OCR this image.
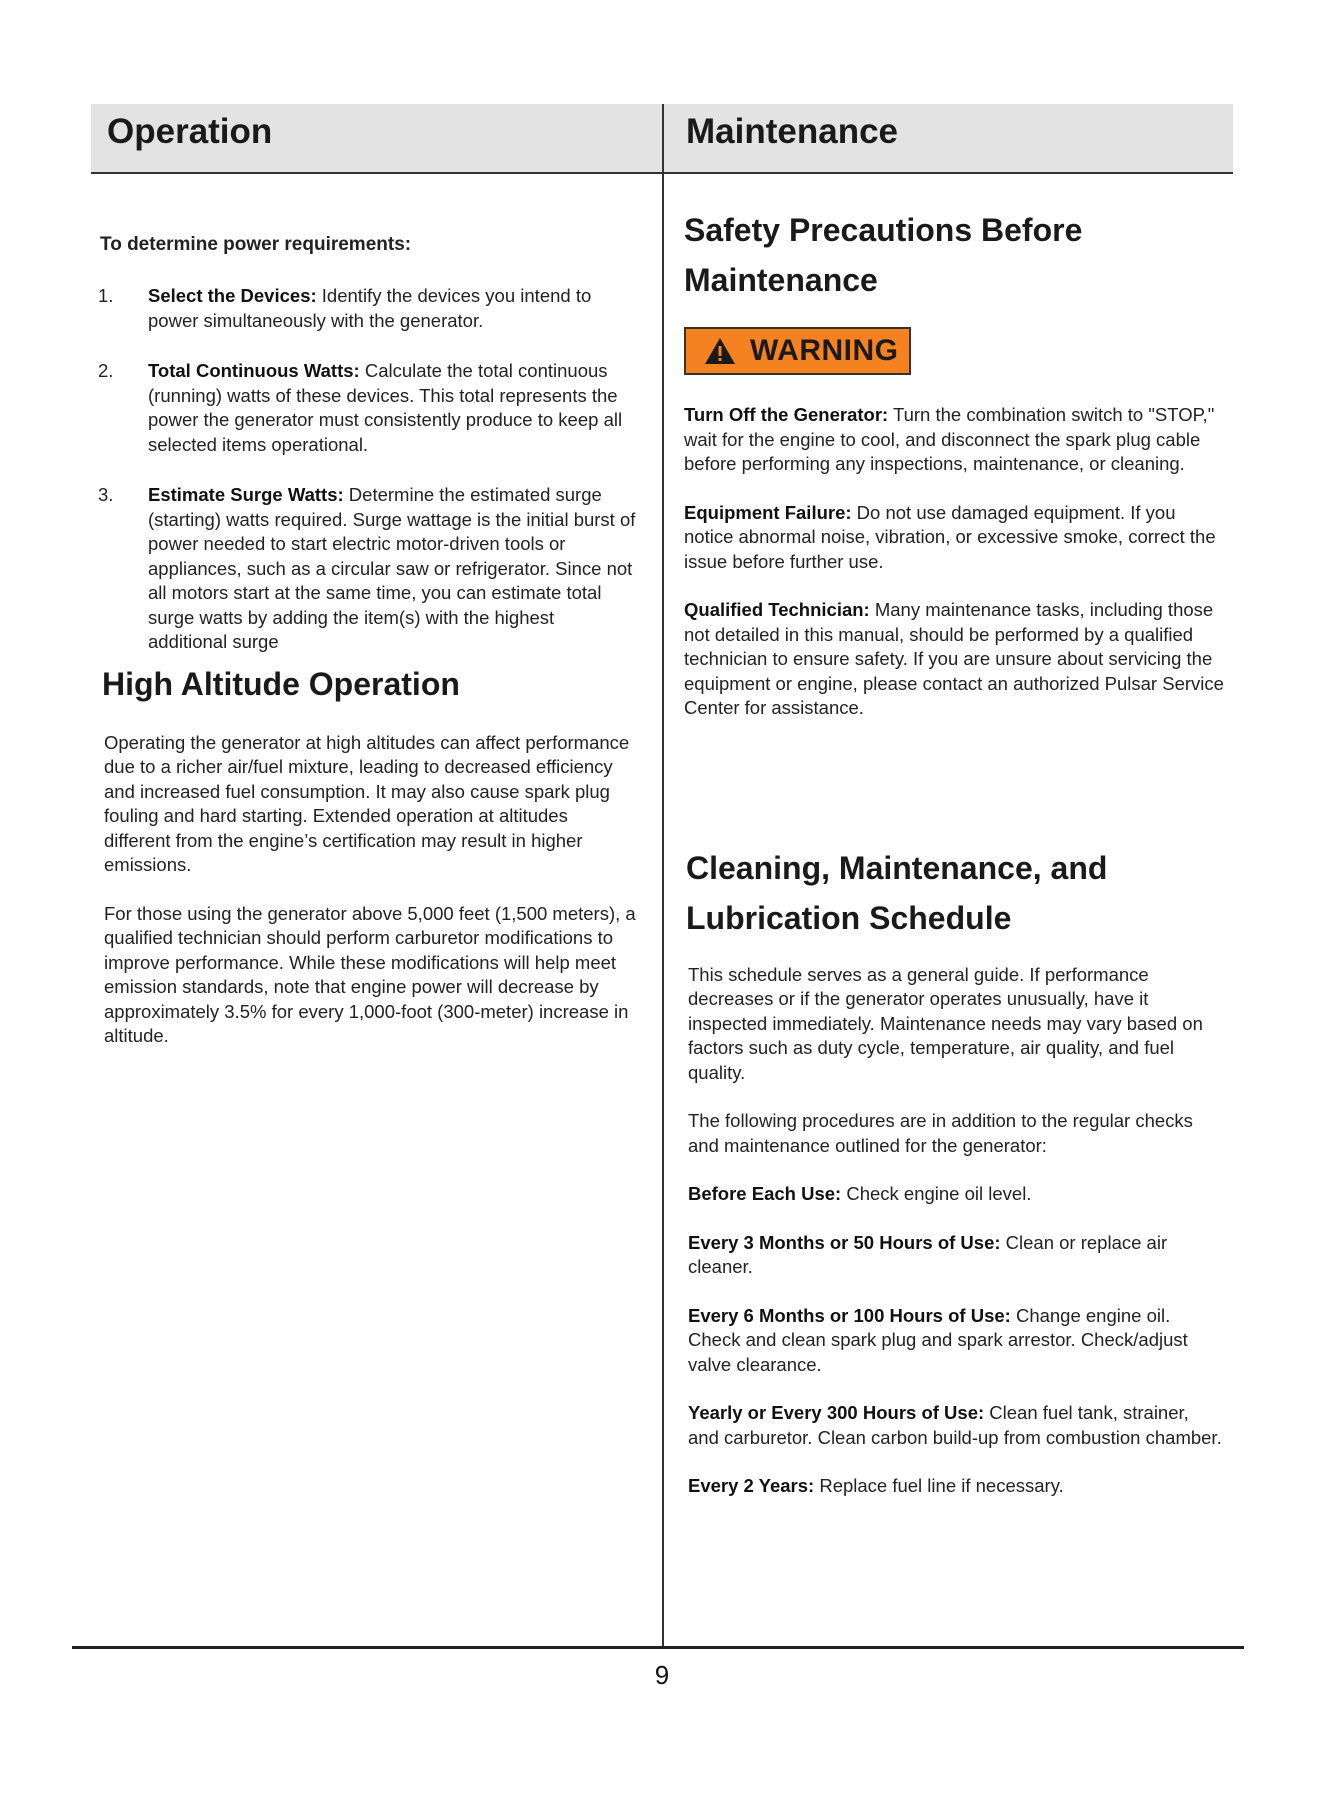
Operation	Maintenance
To determine power requirements:
1. Select the Devices: Identify the devices you intend to power simultaneously with the generator.
2. Total Continuous Watts: Calculate the total continuous (running) watts of these devices. This total represents the power the generator must consistently produce to keep all selected items operational.
3. Estimate Surge Watts: Determine the estimated surge (starting) watts required. Surge wattage is the initial burst of power needed to start electric motor-driven tools or appliances, such as a circular saw or refrigerator. Since not all motors start at the same time, you can estimate total surge watts by adding the item(s) with the highest additional surge
High Altitude Operation

Operating the generator at high altitudes can affect performance due to a richer air/fuel mixture, leading to decreased efficiency and increased fuel consumption. It may also cause spark plug fouling and hard starting. Extended operation at altitudes different from the engine’s certification may result in higher emissions.

For those using the generator above 5,000 feet (1,500 meters), a qualified technician should perform carburetor modifications to improve performance. While these modifications will help meet emission standards, note that engine power will decrease by approximately 3.5% for every 1,000-foot (300-meter) increase in altitude.

Safety Precautions Before
Maintenance
WARNING

Turn Off the Generator: Turn the combination switch to "STOP," wait for the engine to cool, and disconnect the spark plug cable before performing any inspections, maintenance, or cleaning.

Equipment Failure: Do not use damaged equipment. If you notice abnormal noise, vibration, or excessive smoke, correct the issue before further use.

Qualified Technician: Many maintenance tasks, including those not detailed in this manual, should be performed by a qualified technician to ensure safety. If you are unsure about servicing the equipment or engine, please contact an authorized Pulsar Service Center for assistance.

Cleaning, Maintenance, and
Lubrication Schedule

This schedule serves as a general guide. If performance decreases or if the generator operates unusually, have it inspected immediately. Maintenance needs may vary based on factors such as duty cycle, temperature, air quality, and fuel quality.

The following procedures are in addition to the regular checks and maintenance outlined for the generator:

Before Each Use: Check engine oil level.

Every 3 Months or 50 Hours of Use: Clean or replace air cleaner.

Every 6 Months or 100 Hours of Use: Change engine oil. Check and clean spark plug and spark arrestor. Check/adjust valve clearance.

Yearly or Every 300 Hours of Use: Clean fuel tank, strainer, and carburetor. Clean carbon build-up from combustion chamber.

Every 2 Years: Replace fuel line if necessary.

9
